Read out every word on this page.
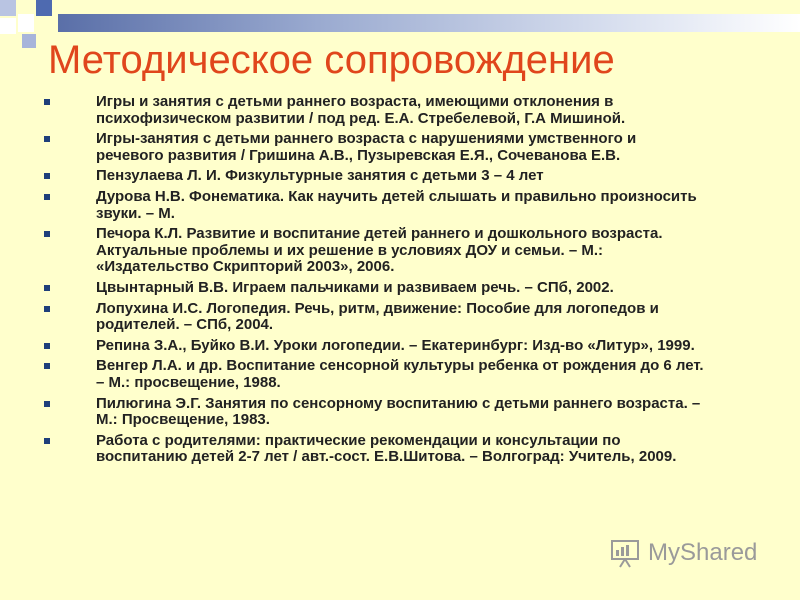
Методическое сопровождение
Игры и занятия с детьми раннего возраста, имеющими отклонения в психофизическом развитии / под ред. Е.А. Стребелевой, Г.А Мишиной.
Игры-занятия с детьми раннего возраста с нарушениями умственного и речевого развития / Гришина А.В., Пузыревская Е.Я., Сочеванова Е.В.
Пензулаева Л. И. Физкультурные занятия с детьми 3 – 4 лет
Дурова Н.В. Фонематика. Как научить детей слышать и правильно произносить звуки. – М.
Печора К.Л. Развитие и воспитание детей раннего и дошкольного возраста. Актуальные проблемы и их решение в условиях ДОУ и семьи. – М.: «Издательство Скрипторий 2003», 2006.
Цвынтарный В.В. Играем пальчиками и развиваем речь. – СПб, 2002.
Лопухина И.С. Логопедия. Речь, ритм, движение: Пособие для логопедов и родителей. – СПб, 2004.
Репина З.А., Буйко В.И. Уроки логопедии. – Екатеринбург: Изд-во «Литур», 1999.
Венгер Л.А. и др. Воспитание сенсорной культуры ребенка от рождения до 6 лет. – М.: просвещение, 1988.
Пилюгина Э.Г. Занятия по сенсорному воспитанию с детьми раннего возраста. – М.: Просвещение, 1983.
Работа с родителями: практические рекомендации и консультации по воспитанию детей 2-7 лет / авт.-сост. Е.В.Шитова. – Волгоград: Учитель, 2009.
MyShared
